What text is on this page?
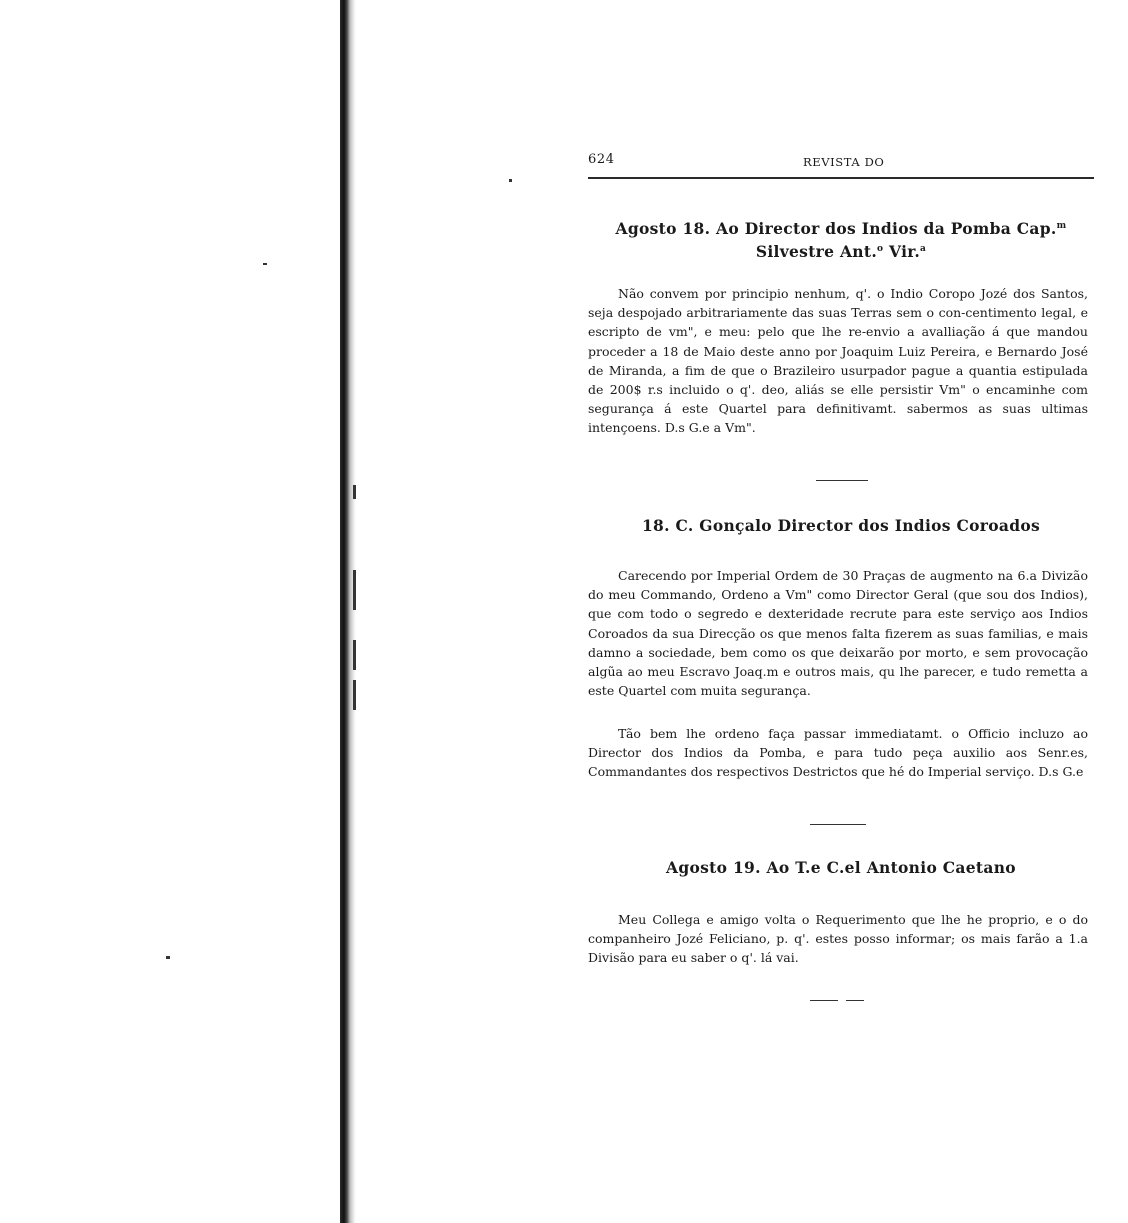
624	REVISTA DO
Agosto 18. Ao Director dos Indios da Pomba Cap.$^m$
Silvestre Ant.$^o$ Vir.$^a$

Não convem por principio nenhum, q'. o Indio Coropo Jozé dos Santos, seja despojado arbitrariamente das suas Terras sem o con-centimento legal, e escripto de vm", e meu: pelo que lhe re-envio a avalliação á que mandou proceder a 18 de Maio deste anno por Joaquim Luiz Pereira, e Bernardo José de Miranda, a fim de que o Brazileiro usurpador pague a quantia estipulada de 200$ r.s incluido o q'. deo, aliás se elle persistir Vm" o encaminhe com segurança á este Quartel para definitivamt. sabermos as suas ultimas intençoens. D.s G.e a Vm".

18. C. Gonçalo Director dos Indios Coroados

Carecendo por Imperial Ordem de 30 Praças de augmento na 6.a Divizão do meu Commando, Ordeno a Vm" como Director Geral (que sou dos Indios), que com todo o segredo e dexteridade recrute para este serviço aos Indios Coroados da sua Direcção os que menos falta fizerem as suas familias, e mais damno a sociedade, bem como os que deixarão por morto, e sem provocação algũa ao meu Escravo Joaq.m e outros mais, qu lhe parecer, e tudo remetta a este Quartel com muita segurança.

Tão bem lhe ordeno faça passar immediatamt. o Officio incluzo ao Director dos Indios da Pomba, e para tudo peça auxilio aos Senr.es, Commandantes dos respectivos Destrictos que hé do Imperial serviço. D.s G.e

Agosto 19. Ao T.e C.el Antonio Caetano

Meu Collega e amigo volta o Requerimento que lhe he proprio, e o do companheiro Jozé Feliciano, p. q'. estes posso informar; os mais farão a 1.a Divisão para eu saber o q'. lá vai.
